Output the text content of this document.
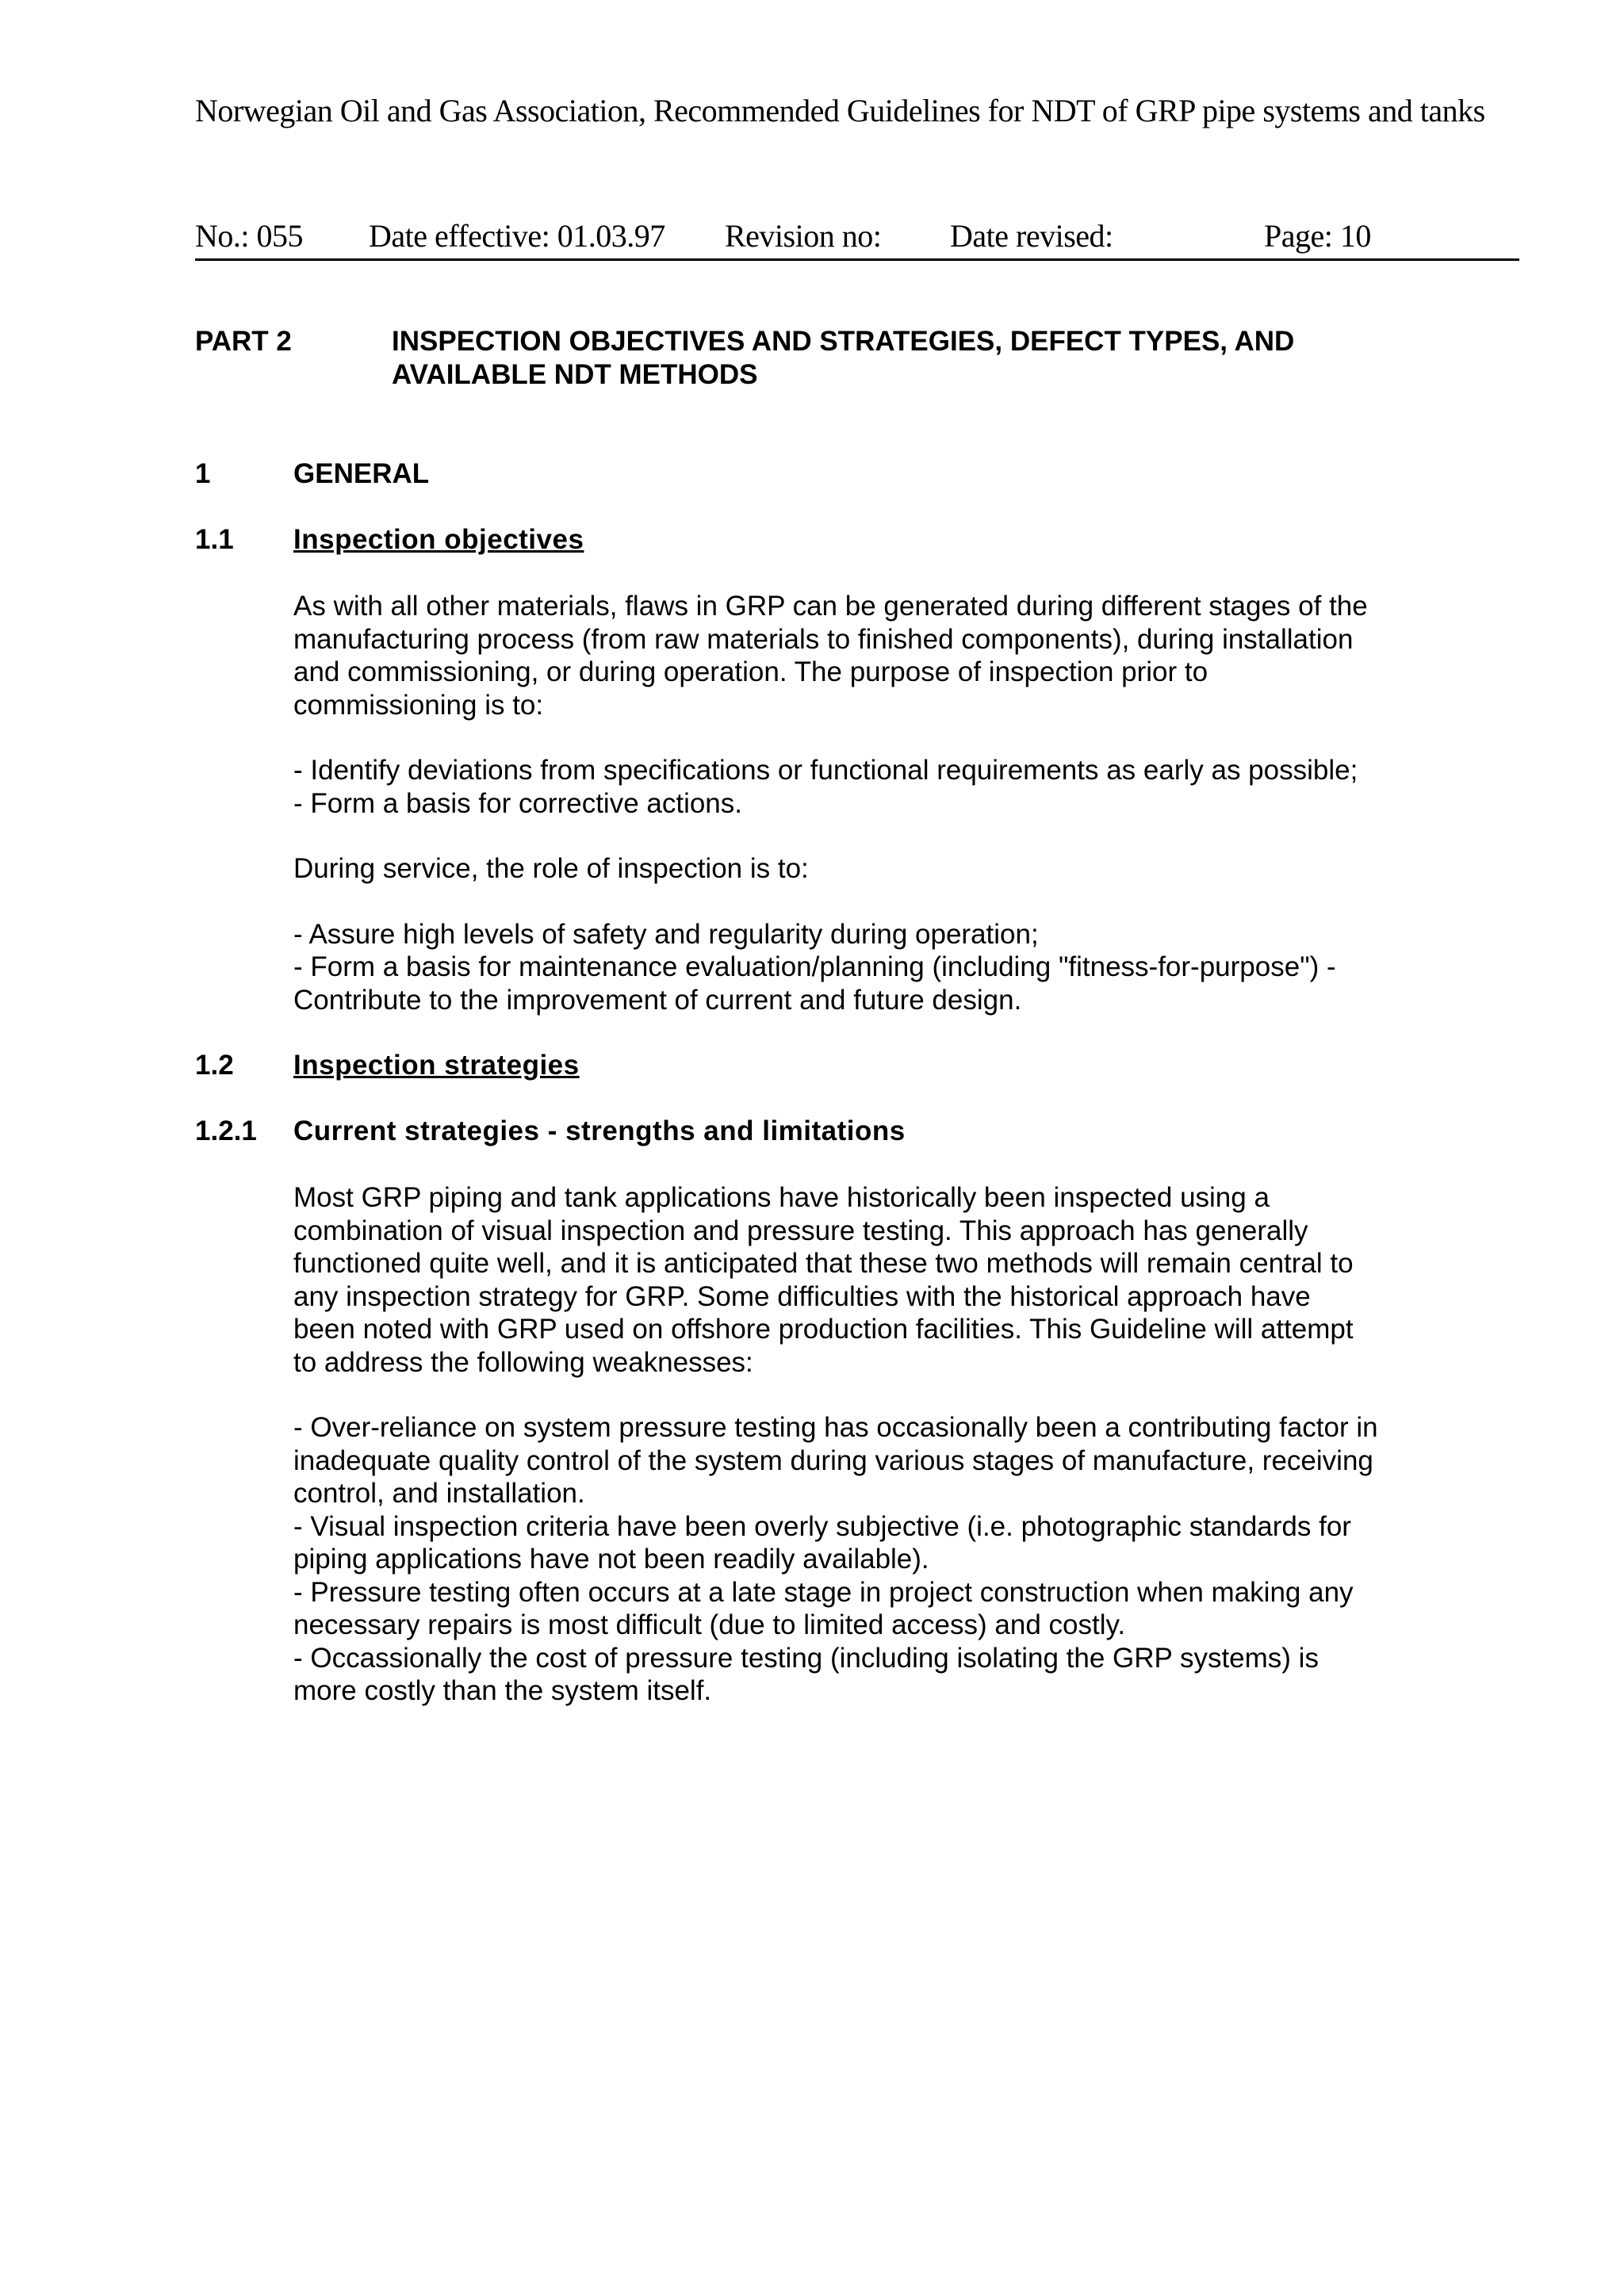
Norwegian Oil and Gas Association, Recommended Guidelines for NDT of GRP pipe systems and tanks
No.: 055 Date effective: 01.03.97 Revision no: Date revised:	Page: 10
PART 2	INSPECTION OBJECTIVES AND STRATEGIES, DEFECT TYPES, AND
AVAILABLE NDT METHODS
1	GENERAL
1.1 Inspection objectives

As with all other materials, flaws in GRP can be generated during different stages of the
manufacturing process (from raw materials to finished components), during installation
and commissioning, or during operation. The purpose of inspection prior to
commissioning is to:

- Identify deviations from specifications or functional requirements as early as possible;
- Form a basis for corrective actions.

During service, the role of inspection is to:

- Assure high levels of safety and regularity during operation;
- Form a basis for maintenance evaluation/planning (including "fitness-for-purpose") -
Contribute to the improvement of current and future design.

1.2 Inspection strategies
1.2.1 Current strategies - strengths and limitations

Most GRP piping and tank applications have historically been inspected using a
combination of visual inspection and pressure testing. This approach has generally
functioned quite well, and it is anticipated that these two methods will remain central to
any inspection strategy for GRP. Some difficulties with the historical approach have
been noted with GRP used on offshore production facilities. This Guideline will attempt
to address the following weaknesses:

- Over-reliance on system pressure testing has occasionally been a contributing factor in
inadequate quality control of the system during various stages of manufacture, receiving
control, and installation.
- Visual inspection criteria have been overly subjective (i.e. photographic standards for
piping applications have not been readily available).
- Pressure testing often occurs at a late stage in project construction when making any
necessary repairs is most difficult (due to limited access) and costly.
- Occassionally the cost of pressure testing (including isolating the GRP systems) is
more costly than the system itself.
